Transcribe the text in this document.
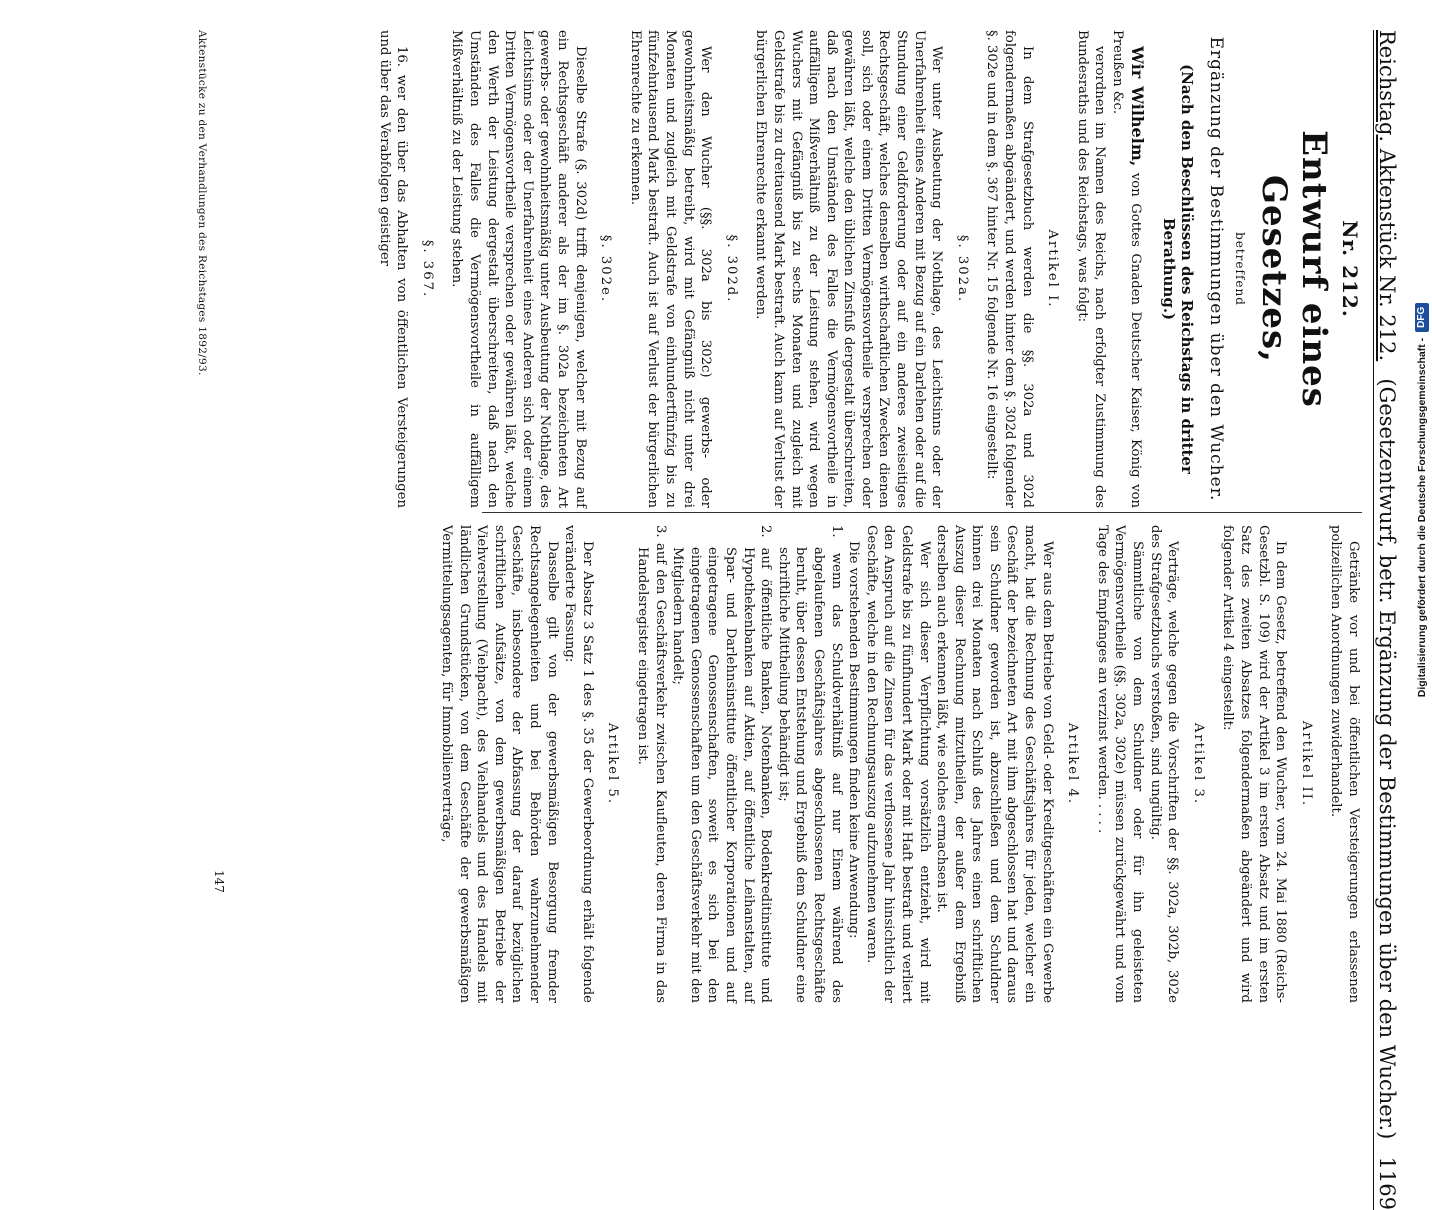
Reichstag. Aktenstück Nr. 212.
(Gesetzentwurf, betr. Ergänzung der Bestimmungen über den Wucher.)
1169
Nr. 212.
Entwurf eines Gesetzes,
betreffend
Ergänzung der Bestimmungen über den Wucher.
(Nach den Beschlüssen des Reichstags in dritter Berathung.)

Wir Wilhelm, von Gottes Gnaden Deutscher Kaiser, König von Preußen &c.

verordnen im Namen des Reichs, nach erfolgter Zustimmung des Bundesraths und des Reichstags, was folgt:

Artikel I.

In dem Strafgesetzbuch werden die §§. 302a und 302d folgendermaßen abgeändert, und werden hinter dem §. 302d folgender §. 302e und in dem §. 367 hinter Nr. 15 folgende Nr. 16 eingestellt:

§. 302a.

Wer unter Ausbeutung der Nothlage, des Leichtsinns oder der Unerfahrenheit eines Anderen mit Bezug auf ein Darlehen oder auf die Stundung einer Geldforderung oder auf ein anderes zweiseitiges Rechtsgeschäft, welches denselben wirthschaftlichen Zwecken dienen soll, sich oder einem Dritten Vermögensvortheile versprechen oder gewähren läßt, welche den üblichen Zinsfuß dergestalt überschreiten, daß nach den Umständen des Falles die Vermögensvortheile in auffälligem Mißverhältniß zu der Leistung stehen, wird wegen Wuchers mit Gefängniß bis zu sechs Monaten und zugleich mit Geldstrafe bis zu dreitausend Mark bestraft. Auch kann auf Verlust der bürgerlichen Ehrenrechte erkannt werden.

§. 302d.

Wer den Wucher (§§. 302a bis 302c) gewerbs- oder gewohnheitsmäßig betreibt, wird mit Gefängniß nicht unter drei Monaten und zugleich mit Geldstrafe von einhundertfünfzig bis zu fünfzehntausend Mark bestraft. Auch ist auf Verlust der bürgerlichen Ehrenrechte zu erkennen.

§. 302e.

Dieselbe Strafe (§. 302d) trifft denjenigen, welcher mit Bezug auf ein Rechtsgeschäft anderer als der im §. 302a bezeichneten Art gewerbs- oder gewohnheitsmäßig unter Ausbeutung der Nothlage, des Leichtsinns oder der Unerfahrenheit eines Anderen sich oder einem Dritten Vermögensvortheile versprechen oder gewähren läßt, welche den Werth der Leistung dergestalt überschreiten, daß nach den Umständen des Falles die Vermögensvortheile in auffälligem Mißverhältniß zu der Leistung stehen.

§. 367.

16. wer den über das Abhalten von öffentlichen Versteigerungen und über das Verabfolgen geistiger

Getränke vor und bei öffentlichen Versteigerungen erlassenen polizeilichen Anordnungen zuwiderhandelt.

Artikel II.

In dem Gesetz, betreffend den Wucher, vom 24. Mai 1880 (Reichs-Gesetzbl. S. 109) wird der Artikel 3 im ersten Absatz und im ersten Satz des zweiten Absatzes folgendermaßen abgeändert und wird folgender Artikel 4 eingestellt:

Artikel 3.

Verträge, welche gegen die Vorschriften der §§. 302a, 302b, 302e des Strafgesetzbuchs verstoßen, sind ungültig.

Sämmtliche von dem Schuldner oder für ihn geleisteten Vermögensvortheile (§§. 302a, 302e) müssen zurückgewährt und vom Tage des Empfanges an verzinst werden. . . . .

Artikel 4.

Wer aus dem Betriebe von Geld- oder Kreditgeschäften ein Gewerbe macht, hat die Rechnung des Geschäftsjahres für jeden, welcher ein Geschäft der bezeichneten Art mit ihm abgeschlossen hat und daraus sein Schuldner geworden ist, abzuschließen und dem Schuldner binnen drei Monaten nach Schluß des Jahres einen schriftlichen Auszug dieser Rechnung mitzutheilen, der außer dem Ergebniß derselben auch erkennen läßt, wie solches ermachsen ist.

Wer sich dieser Verpflichtung vorsätzlich entzieht, wird mit Geldstrafe bis zu fünfhundert Mark oder mit Haft bestraft und verliert den Anspruch auf die Zinsen für das verflossene Jahr hinsichtlich der Geschäfte, welche in den Rechnungsauszug aufzunehmen waren.

Die vorstehenden Bestimmungen finden keine Anwendung:

1. wenn das Schuldverhältniß auf nur Einem während des abgelaufenen Geschäftsjahres abgeschlossenen Rechtsgeschäfte beruht, über dessen Entstehung und Ergebniß dem Schuldner eine schriftliche Mittheilung behändigt ist;

2. auf öffentliche Banken, Notenbanken, Bodenkreditinstitute und Hypothekenbanken auf Aktien, auf öffentliche Leihanstalten, auf Spar- und Darlehnsinstitute öffentlicher Korporationen und auf eingetragene Genossenschaften, soweit es sich bei den eingetragenen Genossenschaften um den Geschäftsverkehr mit den Mitgliedern handelt;

3. auf den Geschäftsverkehr zwischen Kaufleuten, deren Firma in das Handelsregister eingetragen ist.

Artikel 5.

Der Absatz 3 Satz 1 des §. 35 der Gewerbeordnung erhält folgende veränderte Fassung:

Dasselbe gilt von der gewerbsmäßigen Besorgung fremder Rechtsangelegenheiten und bei Behörden wahrzunehmender Geschäfte, insbesondere der Abfassung der darauf bezüglichen schriftlichen Aufsätze, von dem gewerbsmäßigen Betriebe der Viehverstellung (Viehpacht), des Viehhandels und des Handels mit ländlichen Grundstücken, von dem Geschäfte der gewerbsmäßigen Vermittelungsagenten, für Immobilienverträge,

147
Aktenstücke zu den Verhandlungen des Reichstages 1892/93.
Digitalisierung gefördert durch die Deutsche Forschungsgemeinschaft -
DFG
